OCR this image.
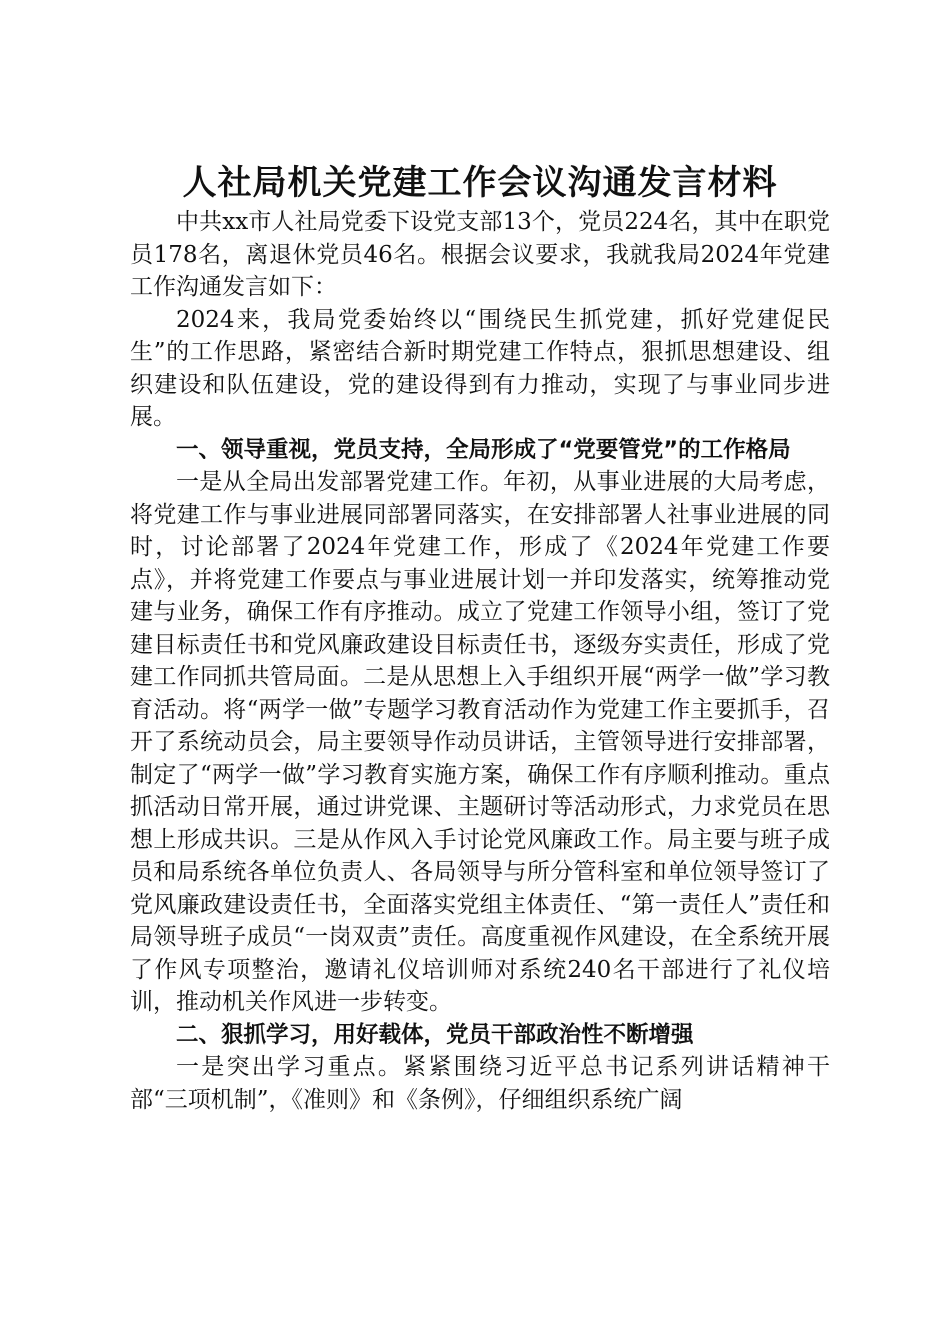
人社局机关党建工作会议沟通发言材料

中共xx市人社局党委下设党支部13个，党员224名，其中在职党员178名，离退休党员46名。根据会议要求，我就我局2024年党建工作沟通发言如下：

2024来，我局党委始终以“围绕民生抓党建，抓好党建促民生”的工作思路，紧密结合新时期党建工作特点，狠抓思想建设、组织建设和队伍建设，党的建设得到有力推动，实现了与事业同步进展。

一、领导重视，党员支持，全局形成了“党要管党”的工作格局

一是从全局出发部署党建工作。年初，从事业进展的大局考虑，将党建工作与事业进展同部署同落实，在安排部署人社事业进展的同时，讨论部署了2024年党建工作，形成了《2024年党建工作要点》，并将党建工作要点与事业进展计划一并印发落实，统筹推动党建与业务，确保工作有序推动。成立了党建工作领导小组，签订了党建目标责任书和党风廉政建设目标责任书，逐级夯实责任，形成了党建工作同抓共管局面。二是从思想上入手组织开展“两学一做”学习教育活动。将“两学一做”专题学习教育活动作为党建工作主要抓手，召开了系统动员会，局主要领导作动员讲话，主管领导进行安排部署，制定了“两学一做”学习教育实施方案，确保工作有序顺利推动。重点抓活动日常开展，通过讲党课、主题研讨等活动形式，力求党员在思想上形成共识。三是从作风入手讨论党风廉政工作。局主要与班子成员和局系统各单位负责人、各局领导与所分管科室和单位领导签订了党风廉政建设责任书，全面落实党组主体责任、“第一责任人”责任和局领导班子成员“一岗双责”责任。高度重视作风建设，在全系统开展了作风专项整治，邀请礼仪培训师对系统240名干部进行了礼仪培训，推动机关作风进一步转变。

二、狠抓学习，用好载体，党员干部政治性不断增强

一是突出学习重点。紧紧围绕习近平总书记系列讲话精神干部“三项机制”，《准则》和《条例》，仔细组织系统广阔
